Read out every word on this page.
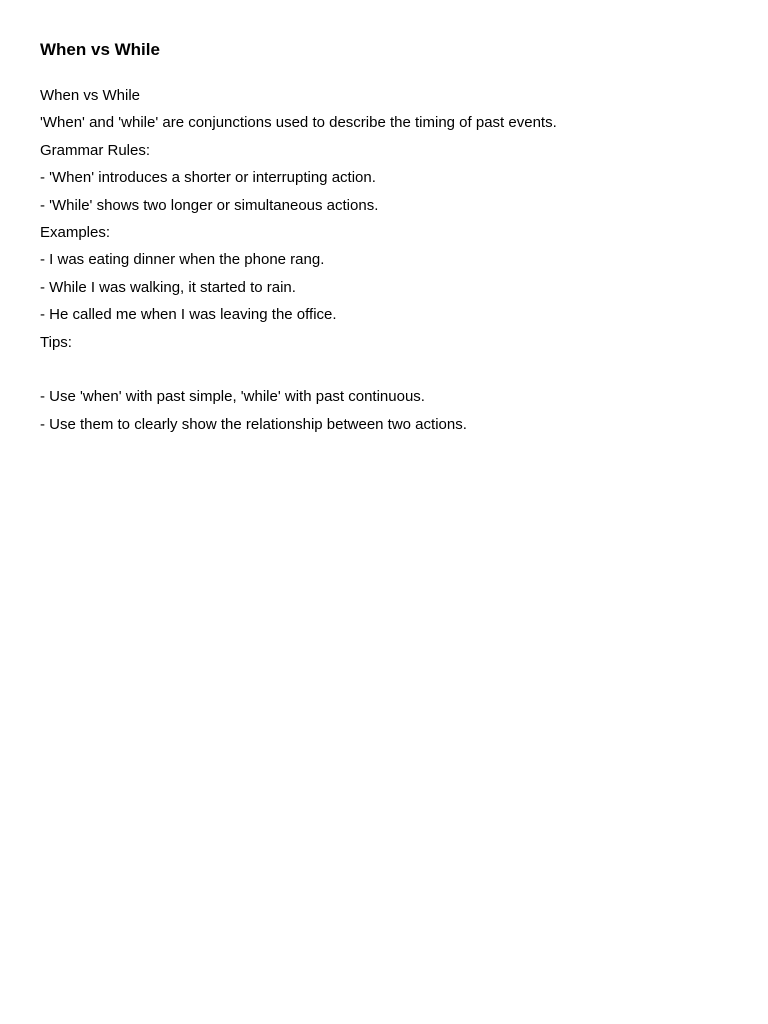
When vs While

When vs While

'When' and 'while' are conjunctions used to describe the timing of past events.

Grammar Rules:

- 'When' introduces a shorter or interrupting action.

- 'While' shows two longer or simultaneous actions.

Examples:

- I was eating dinner when the phone rang.

- While I was walking, it started to rain.

- He called me when I was leaving the office.

Tips:

- Use 'when' with past simple, 'while' with past continuous.

- Use them to clearly show the relationship between two actions.
